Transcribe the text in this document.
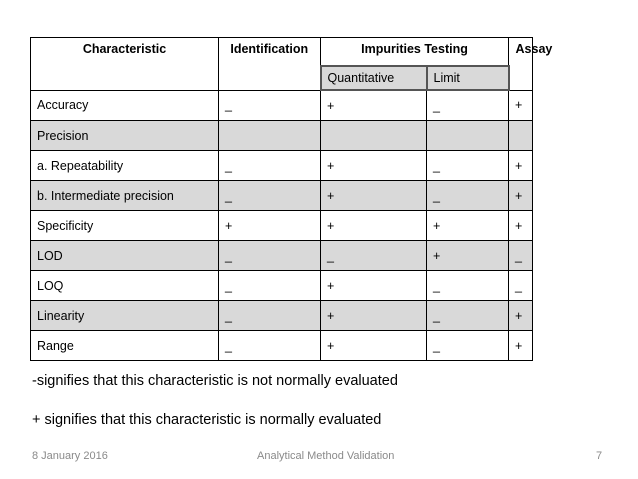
Characteristic	Identification	Impurities Testing		Assay
		Quantitative	Limit	
Accuracy	_	+	_	+
Precision				
a. Repeatability	_	+	_	+
b. Intermediate precision	_	+	_	+
Specificity	+	+	+	+
LOD	_	_	+	_
LOQ	_	+	_	_
Linearity	_	+	_	+
Range	_	+	_	+
-signifies that this characteristic is not normally evaluated
+ signifies that this characteristic is normally evaluated
8 January 2016	Analytical Method Validation	7
